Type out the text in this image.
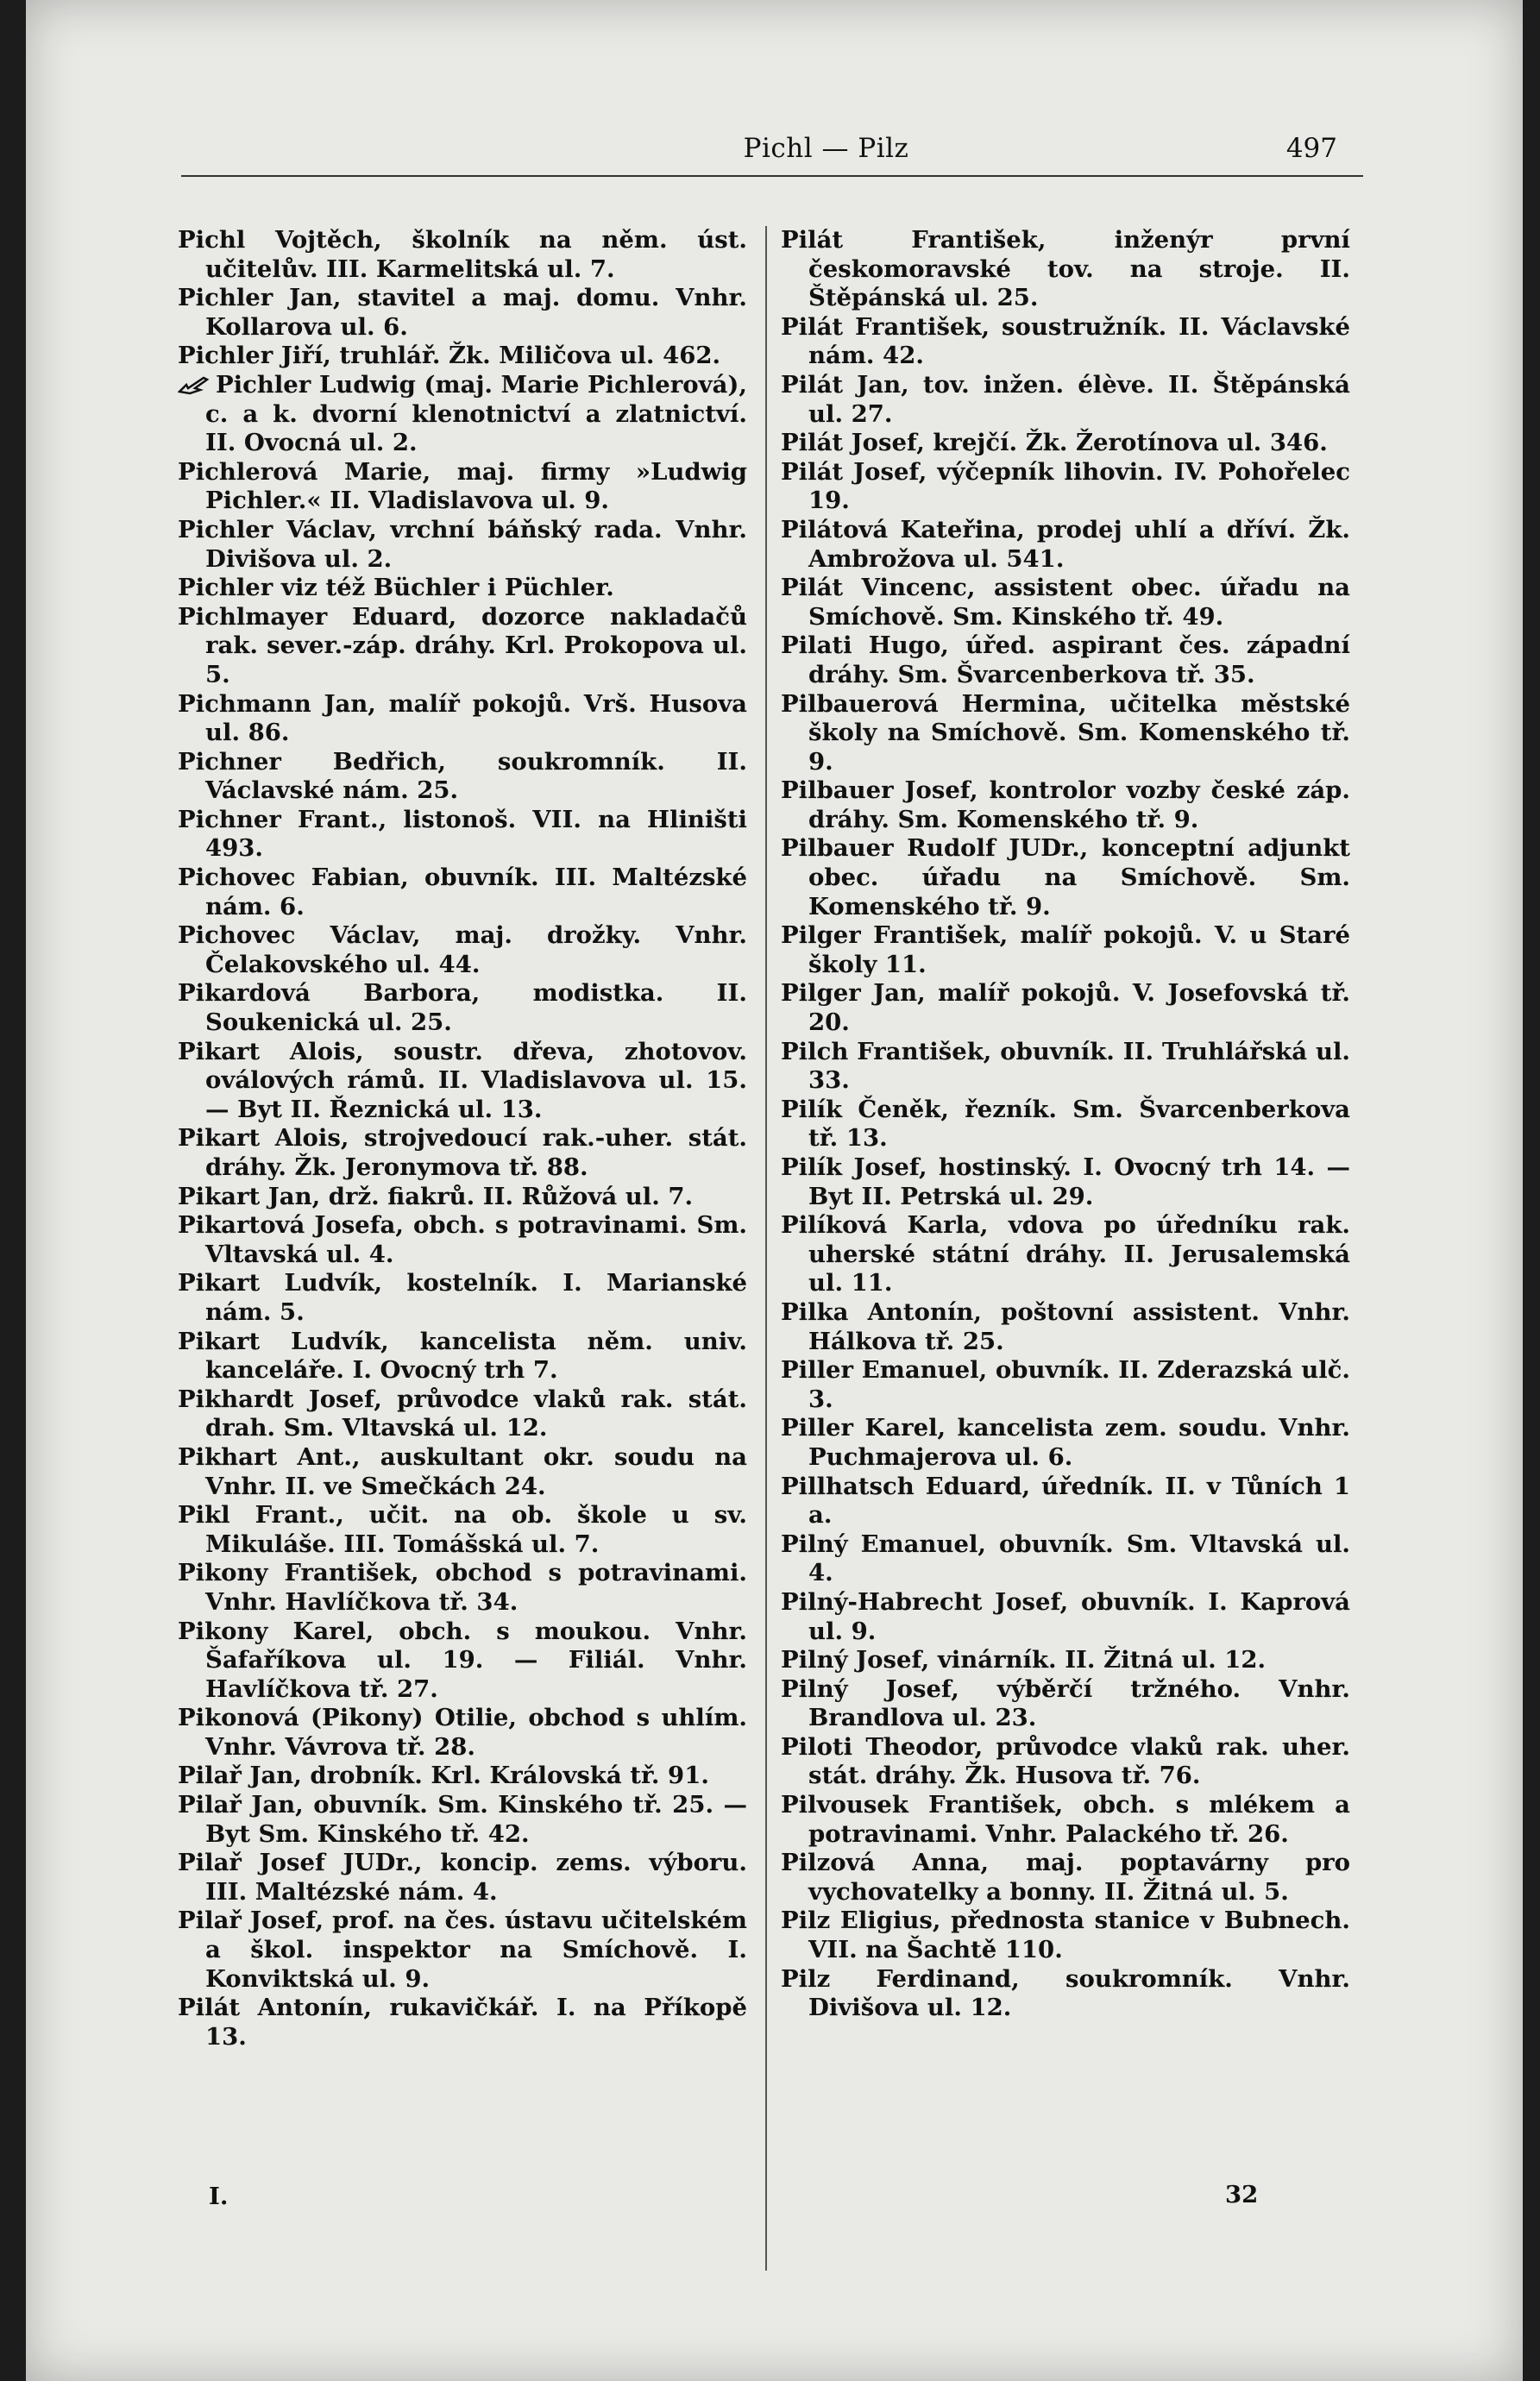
Pichl — Pilz	497

Pichl Vojtěch, školník na něm. úst. učitelův. III. Karmelitská ul. 7.

Pichler Jan, stavitel a maj. domu. Vnhr. Kollarova ul. 6.

Pichler Jiří, truhlář. Žk. Miličova ul. 462.

Pichler Ludwig (maj. Marie Pichlerová), c. a k. dvorní klenotnictví a zlatnictví. II. Ovocná ul. 2.

Pichlerová Marie, maj. firmy »Ludwig Pichler.« II. Vladislavova ul. 9.

Pichler Václav, vrchní báňský rada. Vnhr. Divišova ul. 2.

Pichler viz též Büchler i Püchler.

Pichlmayer Eduard, dozorce nakladačů rak. sever.-záp. dráhy. Krl. Prokopova ul. 5.

Pichmann Jan, malíř pokojů. Vrš. Husova ul. 86.

Pichner Bedřich, soukromník. II. Václavské nám. 25.

Pichner Frant., listonoš. VII. na Hliništi 493.

Pichovec Fabian, obuvník. III. Maltézské nám. 6.

Pichovec Václav, maj. drožky. Vnhr. Čelakovského ul. 44.

Pikardová Barbora, modistka. II. Soukenická ul. 25.

Pikart Alois, soustr. dřeva, zhotovov. oválových rámů. II. Vladislavova ul. 15. — Byt II. Řeznická ul. 13.

Pikart Alois, strojvedoucí rak.-uher. stát. dráhy. Žk. Jeronymova tř. 88.

Pikart Jan, drž. fiakrů. II. Růžová ul. 7.

Pikartová Josefa, obch. s potravinami. Sm. Vltavská ul. 4.

Pikart Ludvík, kostelník. I. Marianské nám. 5.

Pikart Ludvík, kancelista něm. univ. kanceláře. I. Ovocný trh 7.

Pikhardt Josef, průvodce vlaků rak. stát. drah. Sm. Vltavská ul. 12.

Pikhart Ant., auskultant okr. soudu na Vnhr. II. ve Smečkách 24.

Pikl Frant., učit. na ob. škole u sv. Mikuláše. III. Tomášská ul. 7.

Pikony František, obchod s potravinami. Vnhr. Havlíčkova tř. 34.

Pikony Karel, obch. s moukou. Vnhr. Šafaříkova ul. 19. — Filiál. Vnhr. Havlíčkova tř. 27.

Pikonová (Pikony) Otilie, obchod s uhlím. Vnhr. Vávrova tř. 28.

Pilař Jan, drobník. Krl. Královská tř. 91.

Pilař Jan, obuvník. Sm. Kinského tř. 25. — Byt Sm. Kinského tř. 42.

Pilař Josef JUDr., koncip. zems. výboru. III. Maltézské nám. 4.

Pilař Josef, prof. na čes. ústavu učitelském a škol. inspektor na Smíchově. I. Konviktská ul. 9.

Pilát Antonín, rukavičkář. I. na Příkopě 13.

Pilát František, inženýr první českomoravské tov. na stroje. II. Štěpánská ul. 25.

Pilát František, soustružník. II. Václavské nám. 42.

Pilát Jan, tov. inžen. élève. II. Štěpánská ul. 27.

Pilát Josef, krejčí. Žk. Žerotínova ul. 346.

Pilát Josef, výčepník lihovin. IV. Pohořelec 19.

Pilátová Kateřina, prodej uhlí a dříví. Žk. Ambrožova ul. 541.

Pilát Vincenc, assistent obec. úřadu na Smíchově. Sm. Kinského tř. 49.

Pilati Hugo, úřed. aspirant čes. západní dráhy. Sm. Švarcenberkova tř. 35.

Pilbauerová Hermina, učitelka městské školy na Smíchově. Sm. Komenského tř. 9.

Pilbauer Josef, kontrolor vozby české záp. dráhy. Sm. Komenského tř. 9.

Pilbauer Rudolf JUDr., konceptní adjunkt obec. úřadu na Smíchově. Sm. Komenského tř. 9.

Pilger František, malíř pokojů. V. u Staré školy 11.

Pilger Jan, malíř pokojů. V. Josefovská tř. 20.

Pilch František, obuvník. II. Truhlářská ul. 33.

Pilík Čeněk, řezník. Sm. Švarcenberkova tř. 13.

Pilík Josef, hostinský. I. Ovocný trh 14. — Byt II. Petrská ul. 29.

Pilíková Karla, vdova po úředníku rak. uherské státní dráhy. II. Jerusalemská ul. 11.

Pilka Antonín, poštovní assistent. Vnhr. Hálkova tř. 25.

Piller Emanuel, obuvník. II. Zderazská ulč. 3.

Piller Karel, kancelista zem. soudu. Vnhr. Puchmajerova ul. 6.

Pillhatsch Eduard, úředník. II. v Tůních 1 a.

Pilný Emanuel, obuvník. Sm. Vltavská ul. 4.

Pilný-Habrecht Josef, obuvník. I. Kaprová ul. 9.

Pilný Josef, vinárník. II. Žitná ul. 12.

Pilný Josef, výběrčí tržného. Vnhr. Brandlova ul. 23.

Piloti Theodor, průvodce vlaků rak. uher. stát. dráhy. Žk. Husova tř. 76.

Pilvousek František, obch. s mlékem a potravinami. Vnhr. Palackého tř. 26.

Pilzová Anna, maj. poptavárny pro vychovatelky a bonny. II. Žitná ul. 5.

Pilz Eligius, přednosta stanice v Bubnech. VII. na Šachtě 110.

Pilz Ferdinand, soukromník. Vnhr. Divišova ul. 12.

I.	32
